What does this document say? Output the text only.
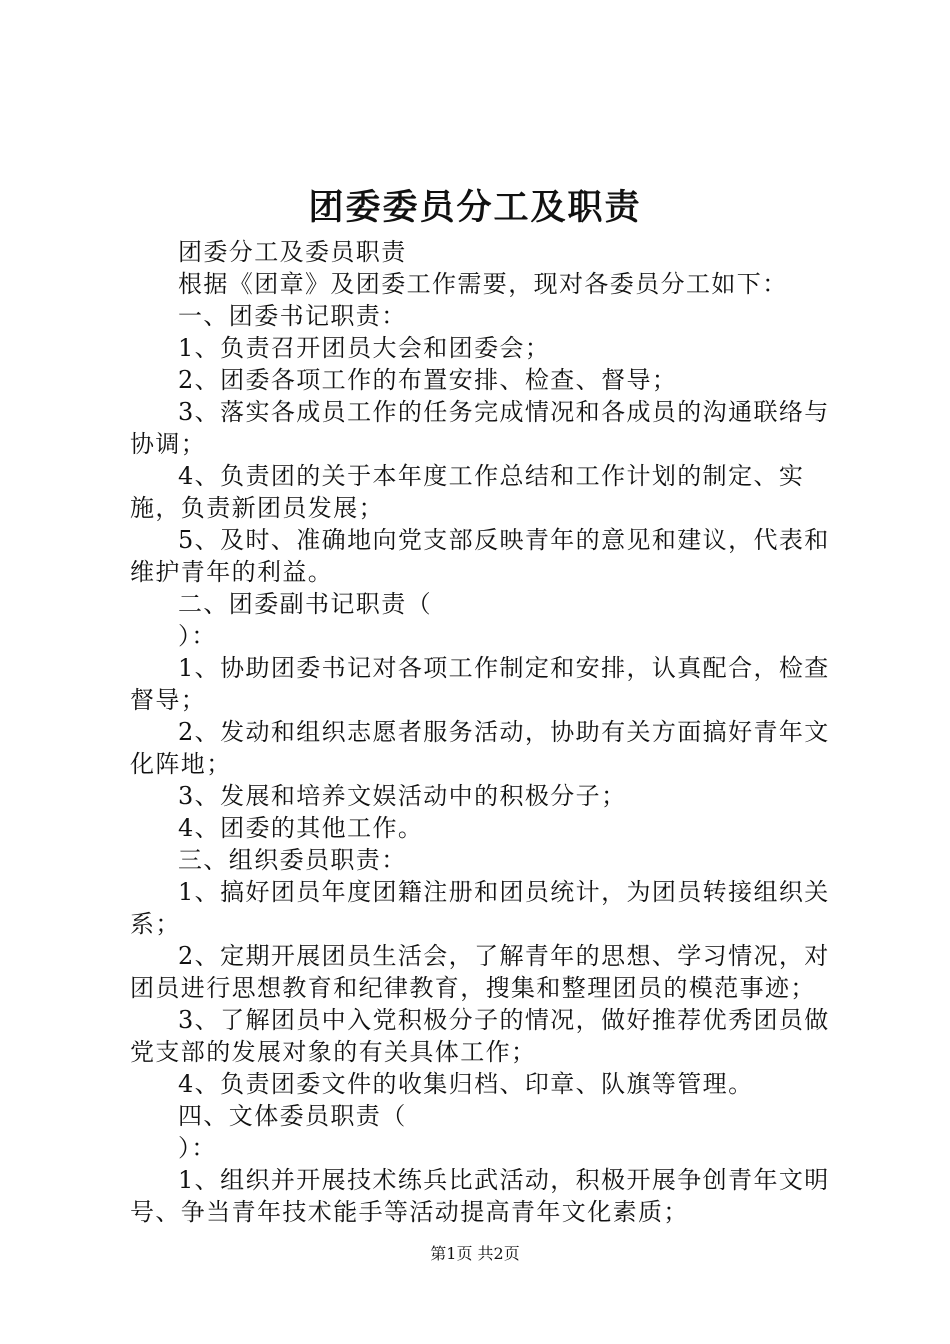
团委委员分工及职责

团委分工及委员职责

根据《团章》及团委工作需要，现对各委员分工如下：

一、团委书记职责：

1、负责召开团员大会和团委会；

2、团委各项工作的布置安排、检查、督导；

3、落实各成员工作的任务完成情况和各成员的沟通联络与协调；

4、负责团的关于本年度工作总结和工作计划的制定、实施，负责新团员发展；

5、及时、准确地向党支部反映青年的意见和建议，代表和维护青年的利益。

二、团委副书记职责（

）：

1、协助团委书记对各项工作制定和安排，认真配合，检查督导；

2、发动和组织志愿者服务活动，协助有关方面搞好青年文化阵地；

3、发展和培养文娱活动中的积极分子；

4、团委的其他工作。

三、组织委员职责：

1、搞好团员年度团籍注册和团员统计，为团员转接组织关系；

2、定期开展团员生活会，了解青年的思想、学习情况，对团员进行思想教育和纪律教育，搜集和整理团员的模范事迹；

3、了解团员中入党积极分子的情况，做好推荐优秀团员做党支部的发展对象的有关具体工作；

4、负责团委文件的收集归档、印章、队旗等管理。

四、文体委员职责（

）：

1、组织并开展技术练兵比武活动，积极开展争创青年文明号、争当青年技术能手等活动提高青年文化素质；

第1页 共2页
